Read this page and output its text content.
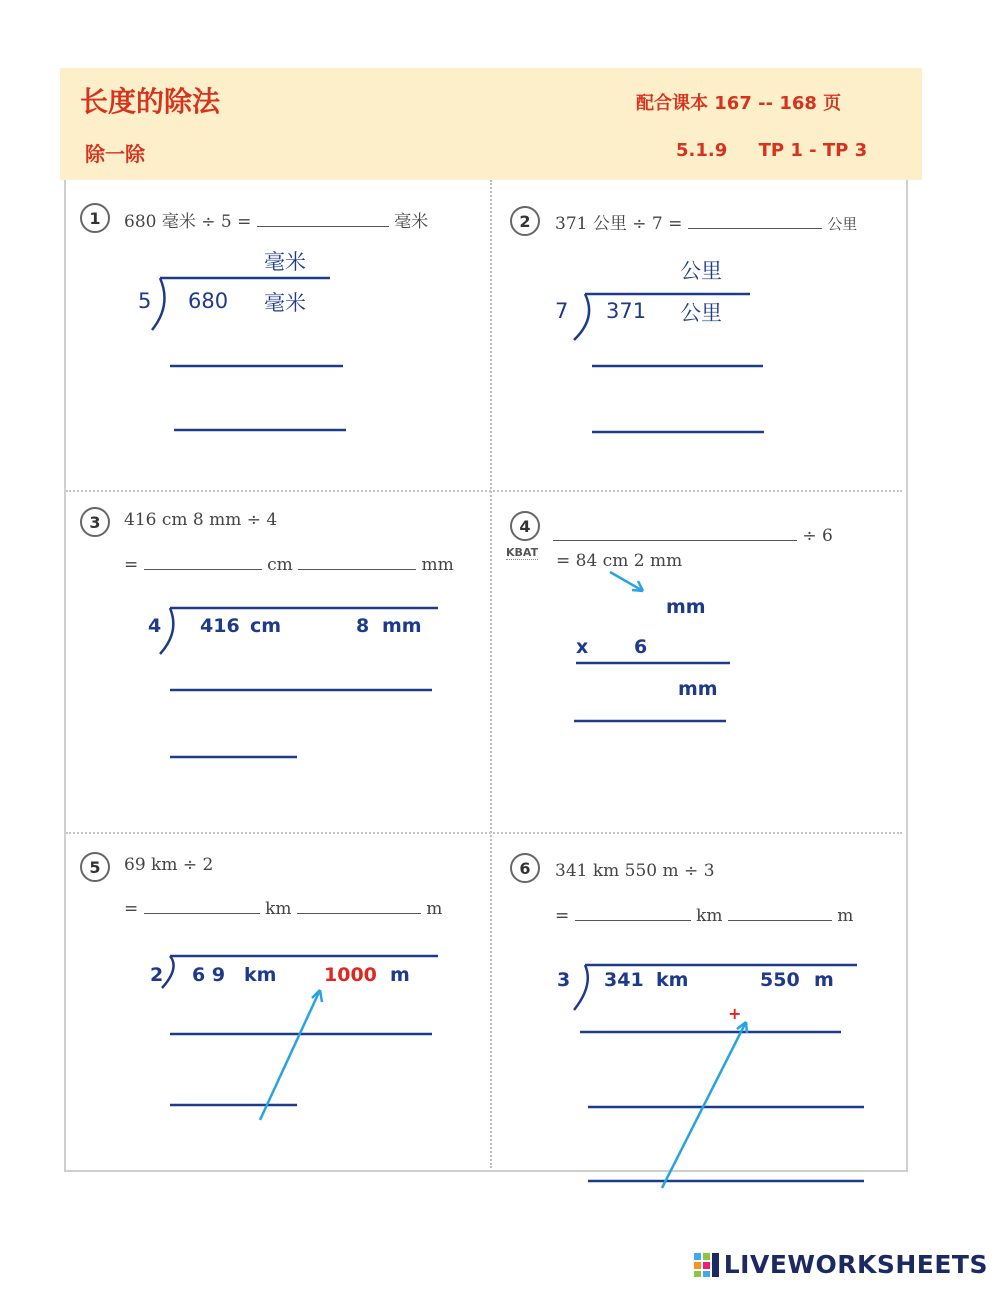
长度的除法
除一除
配合课本 167 -- 168 页
5.1.9     TP 1 - TP 3
1	680 毫米 ÷ 5 =	毫米
毫米
5 680 毫米
2	371 公里 ÷ 7 =	公里
公里
7 371 公里
3	416 cm 8 mm ÷ 4
=	cm	mm
4 416 cm	8 mm
4	÷ 6
KBAT = 84 cm 2 mm
mm
x 6
mm
5	69 km ÷ 2
=	km	m
2 6 9 km	1000 m
6	341 km 550 m ÷ 3
=	km	m
3 341 km	550 m
+
LIVEWORKSHEETS
